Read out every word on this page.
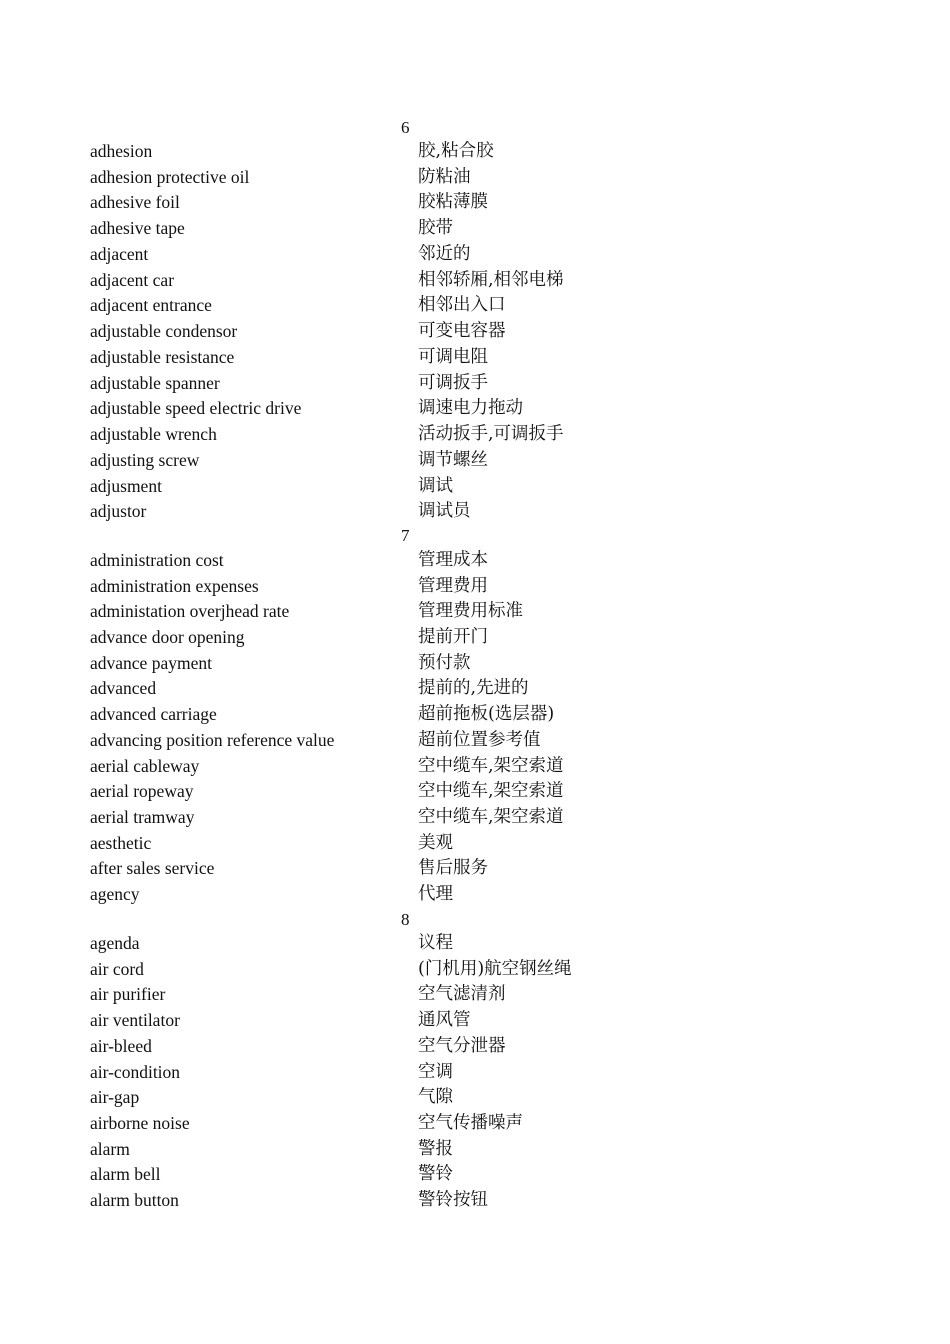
6
adhesion	胶,粘合胶
adhesion protective oil	防粘油
adhesive foil	胶粘薄膜
adhesive tape	胶带
adjacent	邻近的
adjacent car	相邻轿厢,相邻电梯
adjacent entrance	相邻出入口
adjustable condensor	可变电容器
adjustable resistance	可调电阻
adjustable spanner	可调扳手
adjustable speed electric drive	调速电力拖动
adjustable wrench	活动扳手,可调扳手
adjusting screw	调节螺丝
adjusment	调试
adjustor	调试员
7
administration cost	管理成本
administration expenses	管理费用
administation overjhead rate	管理费用标准
advance door opening	提前开门
advance payment	预付款
advanced	提前的,先进的
advanced carriage	超前拖板(选层器)
advancing position reference value	超前位置参考值
aerial cableway	空中缆车,架空索道
aerial ropeway	空中缆车,架空索道
aerial tramway	空中缆车,架空索道
aesthetic	美观
after sales service	售后服务
agency	代理
8
agenda	议程
air cord	(门机用)航空钢丝绳
air purifier	空气滤清剂
air ventilator	通风管
air-bleed	空气分泄器
air-condition	空调
air-gap	气隙
airborne noise	空气传播噪声
alarm	警报
alarm bell	警铃
alarm button	警铃按钮
